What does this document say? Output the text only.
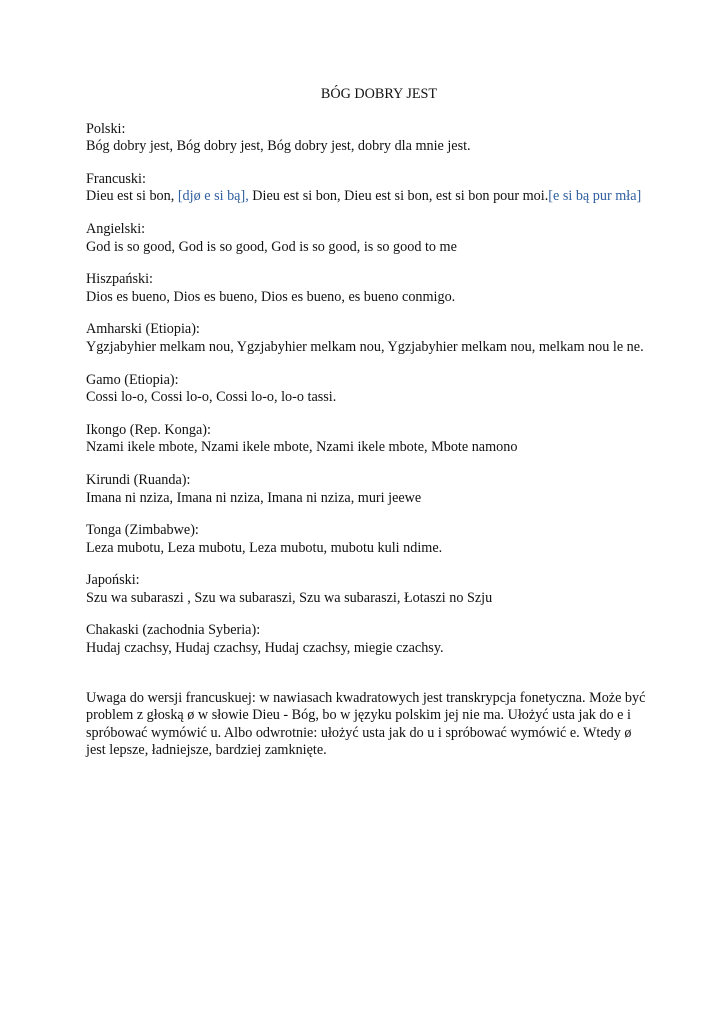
BÓG DOBRY JEST

Polski:

Bóg dobry jest, Bóg dobry jest, Bóg dobry jest, dobry dla mnie jest.

Francuski:

Dieu est si bon, [djø e si bą], Dieu est si bon, Dieu est si bon, est si bon pour moi.[e si bą pur mła]

Angielski:

God is so good, God is so good, God is so good, is so good to me

Hiszpański:

Dios es bueno, Dios es bueno, Dios es bueno, es bueno conmigo.

Amharski (Etiopia):

Ygzjabyhier melkam nou, Ygzjabyhier melkam nou, Ygzjabyhier melkam nou, melkam nou le ne.

Gamo (Etiopia):

Cossi lo-o, Cossi lo-o, Cossi lo-o, lo-o tassi.

Ikongo (Rep. Konga):

Nzami ikele mbote, Nzami ikele mbote, Nzami ikele mbote, Mbote namono

Kirundi (Ruanda):

Imana ni nziza, Imana ni nziza, Imana ni nziza, muri jeewe

Tonga (Zimbabwe):

Leza mubotu, Leza mubotu, Leza mubotu, mubotu kuli ndime.

Japoński:

Szu wa subaraszi , Szu wa subaraszi, Szu wa subaraszi, Łotaszi no Szju

Chakaski (zachodnia Syberia):

Hudaj czachsy, Hudaj czachsy, Hudaj czachsy, miegie czachsy.

Uwaga do wersji francuskuej: w nawiasach kwadratowych jest transkrypcja fonetyczna. Może być problem z głoską ø w słowie Dieu - Bóg, bo w języku polskim jej nie ma. Ułożyć usta jak do e i spróbować wymówić u. Albo odwrotnie: ułożyć usta jak do u i spróbować wymówić e. Wtedy ø jest lepsze, ładniejsze, bardziej zamknięte.
